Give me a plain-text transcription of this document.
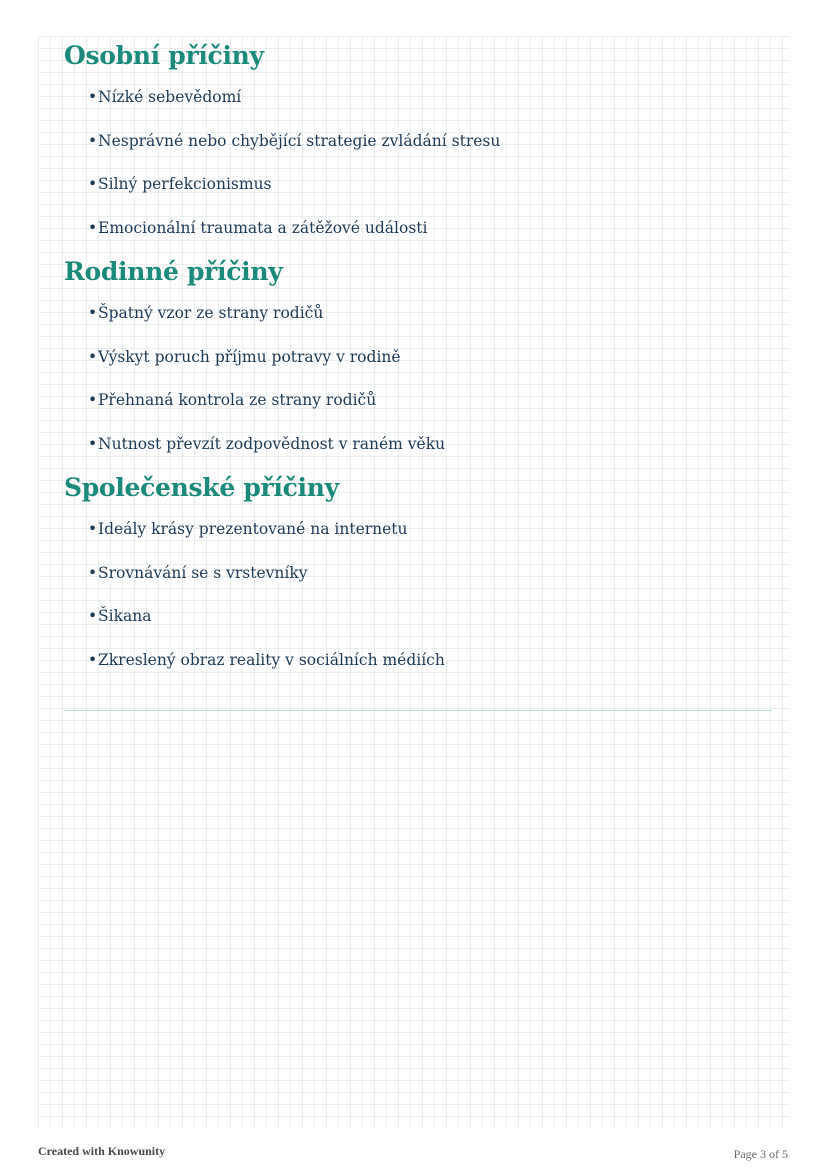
Osobní příčiny
•Nízké sebevědomí
•Nesprávné nebo chybějící strategie zvládání stresu
•Silný perfekcionismus
•Emocionální traumata a zátěžové události
Rodinné příčiny
•Špatný vzor ze strany rodičů
•Výskyt poruch příjmu potravy v rodině
•Přehnaná kontrola ze strany rodičů
•Nutnost převzít zodpovědnost v raném věku
Společenské příčiny
•Ideály krásy prezentované na internetu
•Srovnávání se s vrstevníky
•Šikana
•Zkreslený obraz reality v sociálních médiích
Created with Knowunity	Page 3 of 5
